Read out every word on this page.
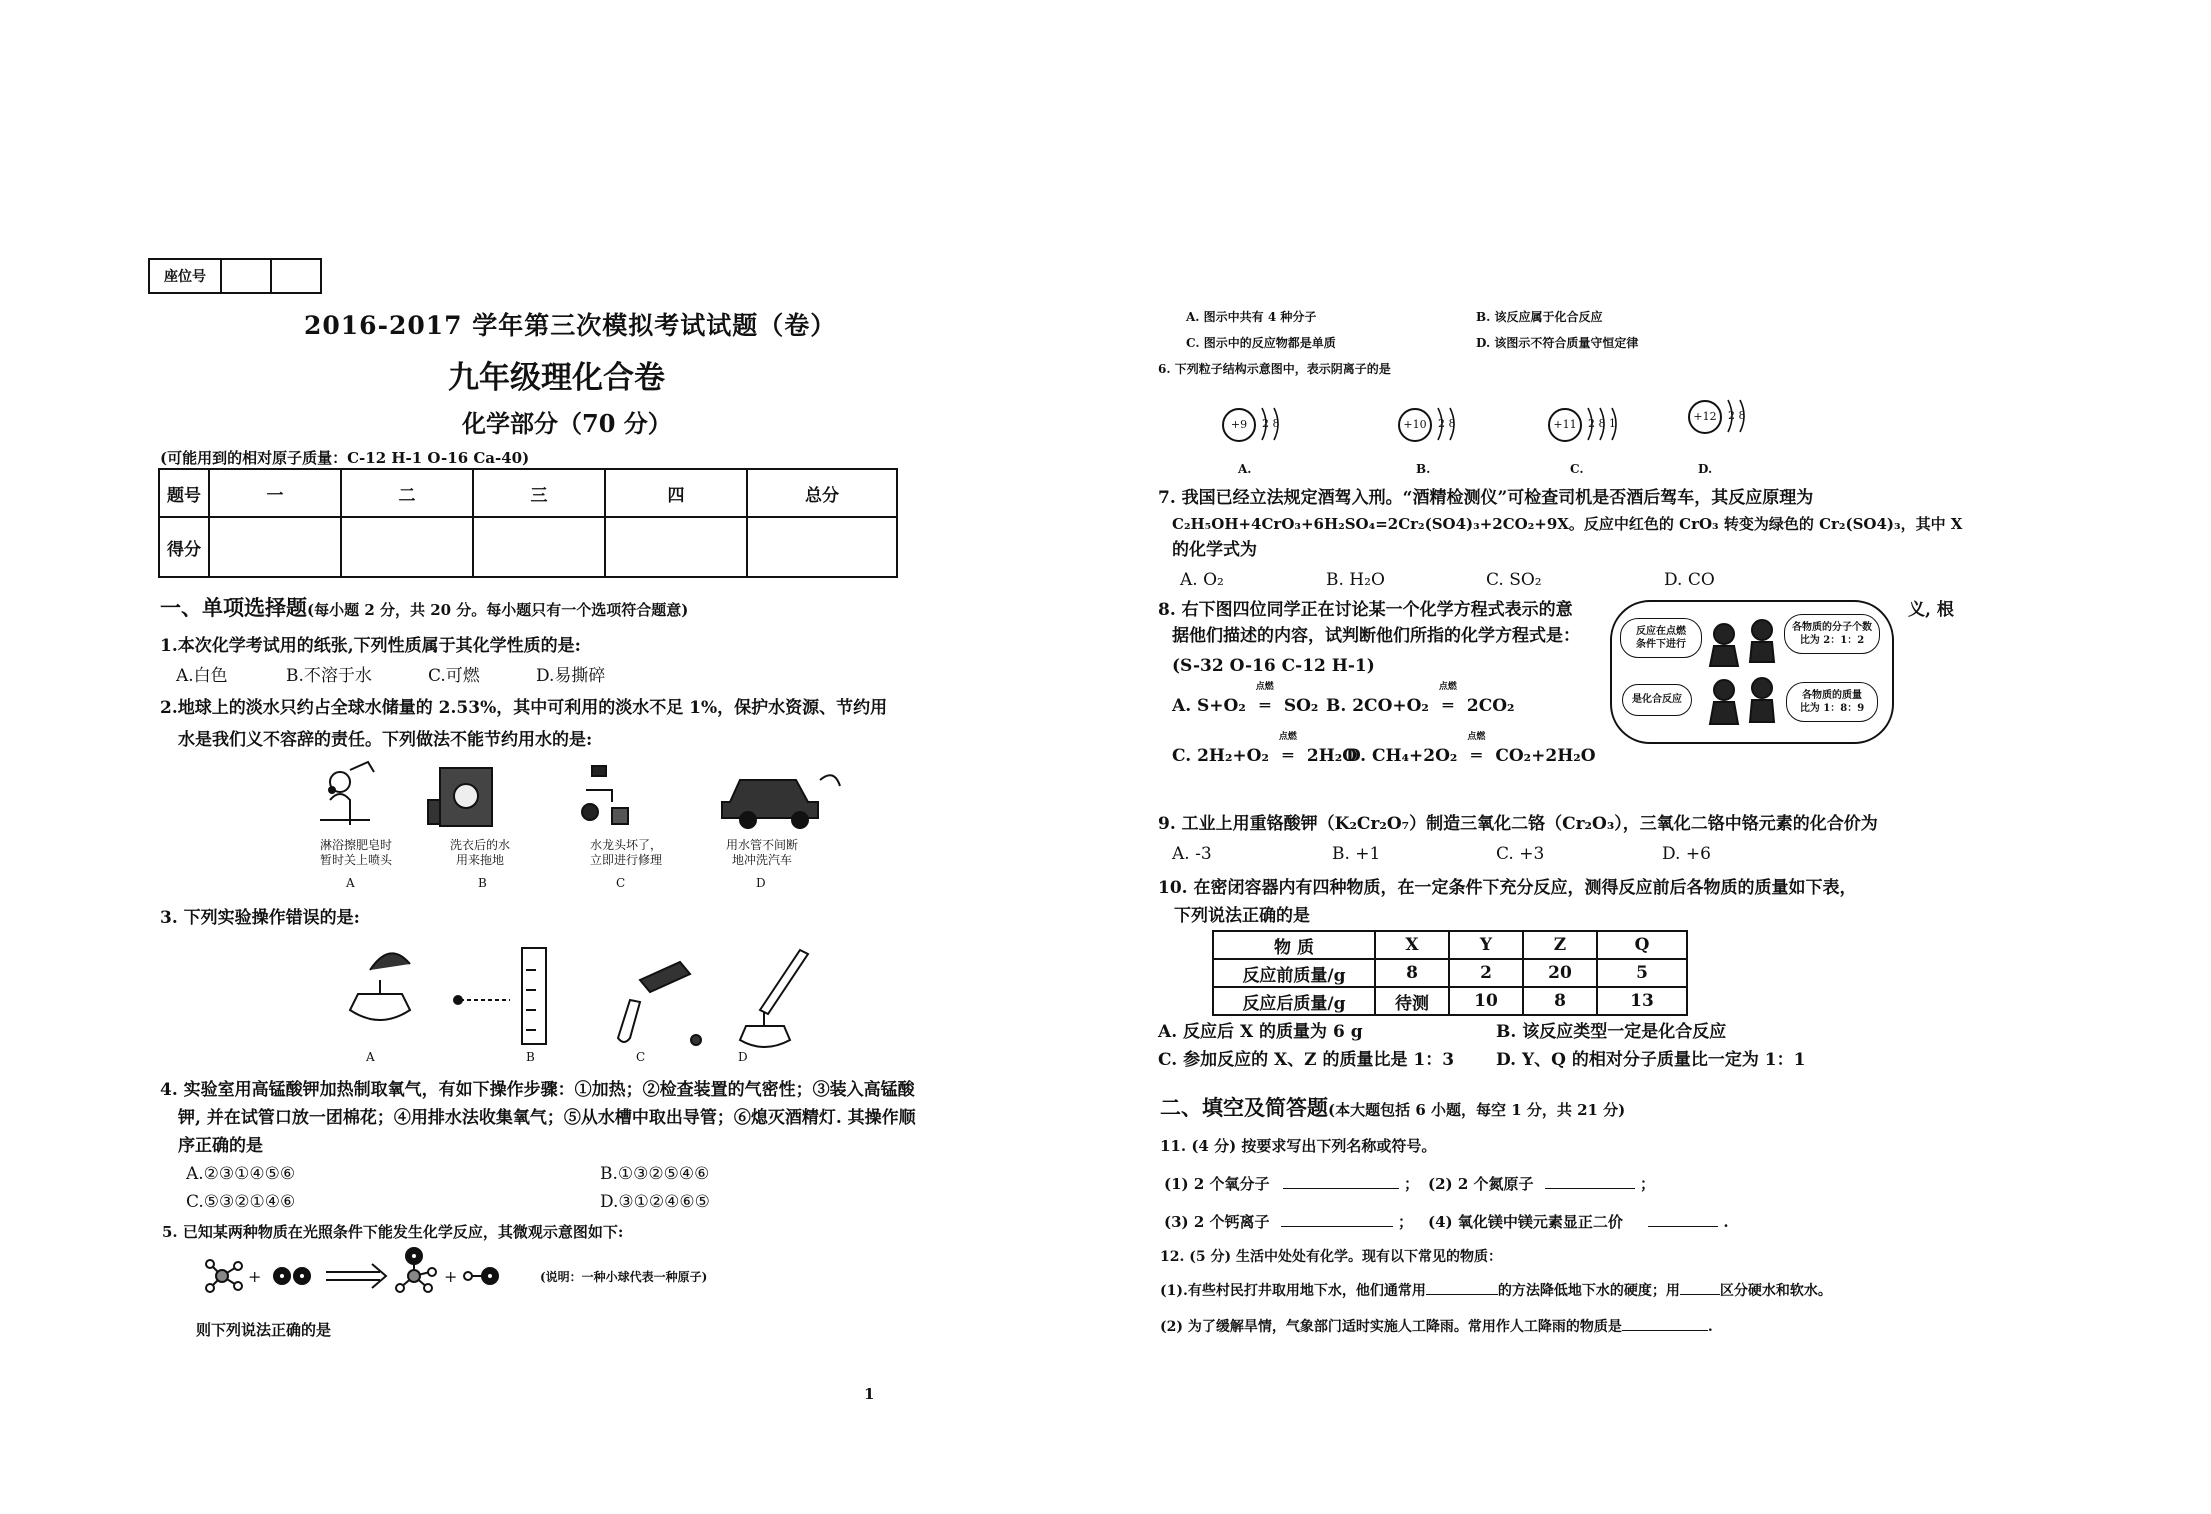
座位号		
2016-2017 学年第三次模拟考试试题（卷）
九年级理化合卷
化学部分（70 分）
(可能用到的相对原子质量：C-12 H-1 O-16 Ca-40)
题号	一	二	三	四	总分
得分					
一、单项选择题(每小题 2 分，共 20 分。每小题只有一个选项符合题意)
1.本次化学考试用的纸张,下列性质属于其化学性质的是:
A.白色	B.不溶于水	C.可燃	D.易撕碎
2.地球上的淡水只约占全球水储量的 2.53%，其中可利用的淡水不足 1%，保护水资源、节约用
水是我们义不容辞的责任。下列做法不能节约用水的是:
淋浴擦肥皂时
暂时关上喷头
洗衣后的水
用来拖地
水龙头坏了，
立即进行修理
用水管不间断
地冲洗汽车
A	B	C	D
3. 下列实验操作错误的是:
A	B	C	D
4. 实验室用高锰酸钾加热制取氧气，有如下操作步骤：①加热；②检查装置的气密性；③装入高锰酸
钾, 并在试管口放一团棉花；④用排水法收集氧气；⑤从水槽中取出导管；⑥熄灭酒精灯. 其操作顺
序正确的是
A.②③①④⑤⑥	B.①③②⑤④⑥
C.⑤③②①④⑥	D.③①②④⑥⑤
5. 已知某两种物质在光照条件下能发生化学反应，其微观示意图如下:
+	+	(说明：一种小球代表一种原子)
则下列说法正确的是
1
A. 图示中共有 4 种分子	B. 该反应属于化合反应
C. 图示中的反应物都是单质	D. 该图示不符合质量守恒定律
6. 下列粒子结构示意图中，表示阴离子的是
+9	2 8	+10	2 8	+11	2 8 1
+12	2 8
A.	B.	C.	D.
7. 我国已经立法规定酒驾入刑。“酒精检测仪”可检查司机是否酒后驾车，其反应原理为
C₂H₅OH+4CrO₃+6H₂SO₄=2Cr₂(SO4)₃+2CO₂+9X。反应中红色的 CrO₃ 转变为绿色的 Cr₂(SO4)₃，其中 X
的化学式为
A. O₂	B. H₂O	C. SO₂	D. CO
8. 右下图四位同学正在讨论某一个化学方程式表示的意	义, 根
据他们描述的内容，试判断他们所指的化学方程式是：
(S-32 O-16 C-12 H-1)
反应在点燃
条件下进行
各物质的分子个数
比为 2：1：2
是化合反应	各物质的质量
比为 1：8：9
A. S+O₂
点燃
═ SO₂ B. 2CO+O₂
点燃
═ 2CO₂
C. 2H₂+O₂
点燃
═ 2H₂O
D. CH₄+2O₂
点燃
═ CO₂+2H₂O
9. 工业上用重铬酸钾（K₂Cr₂O₇）制造三氧化二铬（Cr₂O₃），三氧化二铬中铬元素的化合价为
A. -3	B. +1	C. +3	D. +6
10. 在密闭容器内有四种物质，在一定条件下充分反应，测得反应前后各物质的质量如下表，
下列说法正确的是
物 质	X	Y	Z	Q
反应前质量/g	8	2	20	5
反应后质量/g	待测	10	8	13
A. 反应后 X 的质量为 6 g	B. 该反应类型一定是化合反应
C. 参加反应的 X、Z 的质量比是 1：3 D. Y、Q 的相对分子质量比一定为 1：1
二、填空及简答题(本大题包括 6 小题，每空 1 分，共 21 分)
11. (4 分) 按要求写出下列名称或符号。
(1) 2 个氧分子	； (2) 2 个氮原子	；
(3) 2 个钙离子	； (4) 氧化镁中镁元素显正二价	.
12. (5 分) 生活中处处有化学。现有以下常见的物质：
(1).有些村民打井取用地下水，他们通常用	的方法降低地下水的硬度；用	区分硬水和软水。
(2) 为了缓解旱情，气象部门适时实施人工降雨。常用作人工降雨的物质是	.
